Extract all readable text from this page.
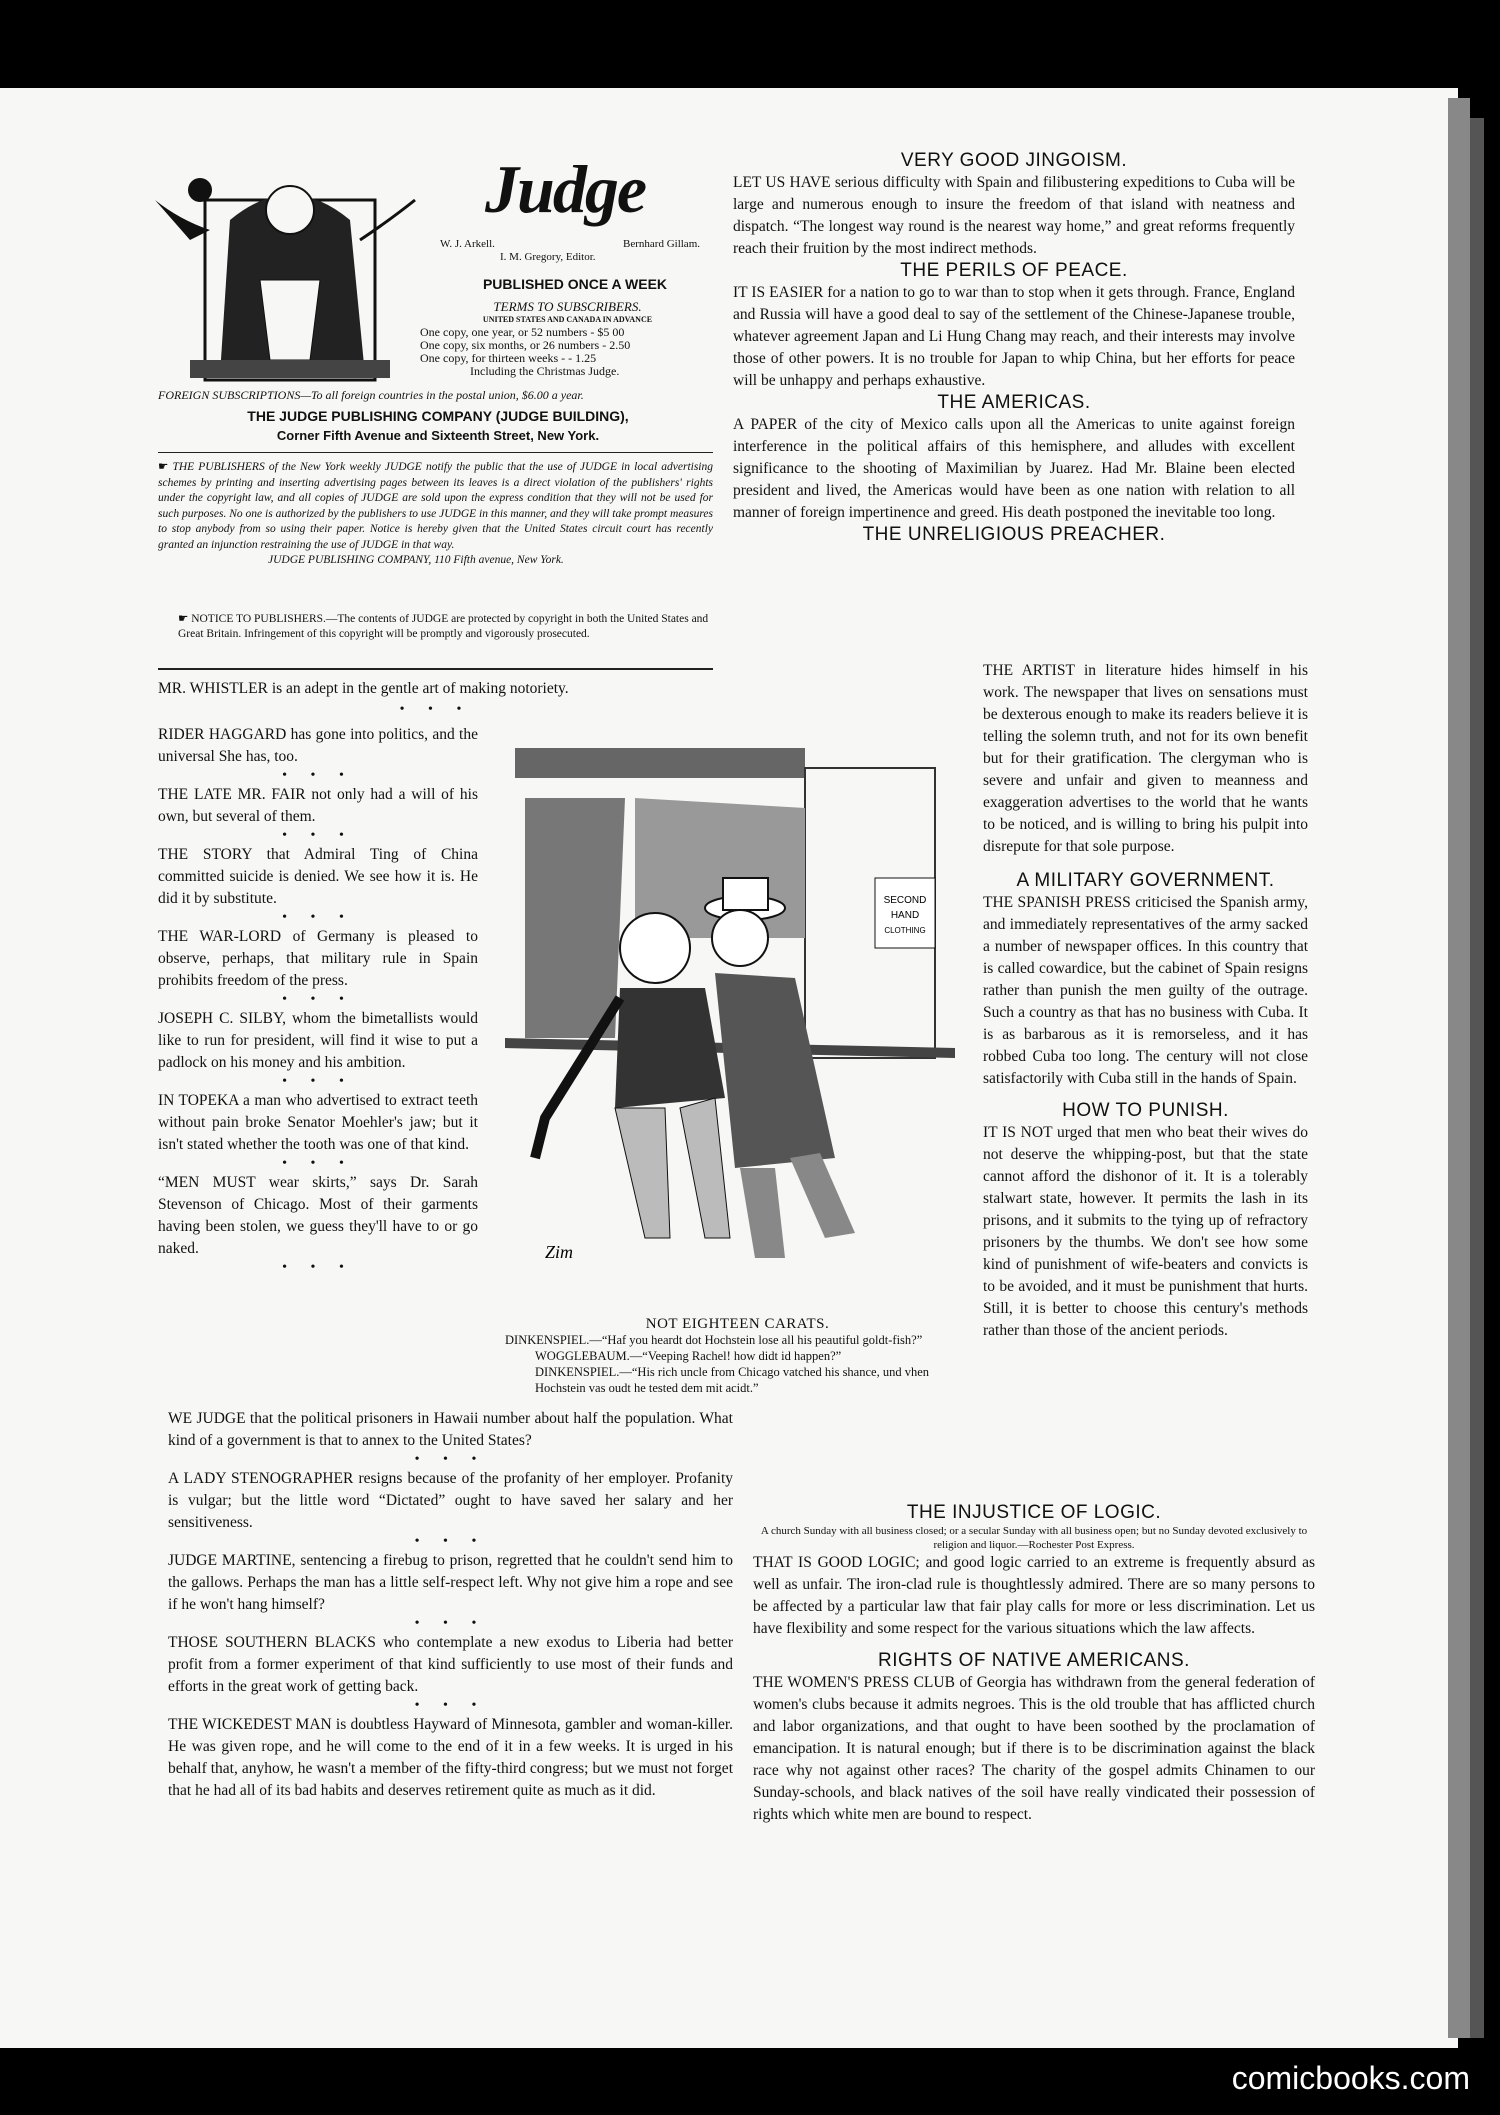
Judge
W. J. Arkell.	Bernhard Gillam.
I. M. Gregory, Editor.
PUBLISHED ONCE A WEEK
TERMS TO SUBSCRIBERS.
UNITED STATES AND CANADA IN ADVANCE
One copy, one year, or 52 numbers - $5 00
One copy, six months, or 26 numbers - 2.50
One copy, for thirteen weeks - - 1.25
Including the Christmas Judge.
FOREIGN SUBSCRIPTIONS—To all foreign countries in the postal union, $6.00 a year.
THE JUDGE PUBLISHING COMPANY (JUDGE BUILDING),
Corner Fifth Avenue and Sixteenth Street, New York.
☛ THE PUBLISHERS of the New York weekly JUDGE notify the public that the use of JUDGE in local advertising schemes by printing and inserting advertising pages between its leaves is a direct violation of the publishers' rights under the copyright law, and all copies of JUDGE are sold upon the express condition that they will not be used for such purposes. No one is authorized by the publishers to use JUDGE in this manner, and they will take prompt measures to stop anybody from so using their paper. Notice is hereby given that the United States circuit court has recently granted an injunction restraining the use of JUDGE in that way.
JUDGE PUBLISHING COMPANY, 110 Fifth avenue, New York.
☛ NOTICE TO PUBLISHERS.—The contents of JUDGE are protected by copyright in both the United States and Great Britain. Infringement of this copyright will be promptly and vigorously prosecuted.

MR. WHISTLER is an adept in the gentle art of making notoriety.

• • •

RIDER HAGGARD has gone into politics, and the universal She has, too.

• • •

THE LATE MR. FAIR not only had a will of his own, but several of them.

• • •

THE STORY that Admiral Ting of China committed suicide is denied. We see how it is. He did it by substitute.

• • •

THE WAR-LORD of Germany is pleased to observe, perhaps, that military rule in Spain prohibits freedom of the press.

• • •

JOSEPH C. SILBY, whom the bimetallists would like to run for president, will find it wise to put a padlock on his money and his ambition.

• • •

IN TOPEKA a man who advertised to extract teeth without pain broke Senator Moehler's jaw; but it isn't stated whether the tooth was one of that kind.

• • •

“MEN MUST wear skirts,” says Dr. Sarah Stevenson of Chicago. Most of their garments having been stolen, we guess they'll have to or go naked.

• • •
SECOND
HAND
CLOTHING
Zim
NOT EIGHTEEN CARATS.
DINKENSPIEL.—“Haf you heardt dot Hochstein lose all his peautiful goldt-fish?”
WOGGLEBAUM.—“Veeping Rachel! how didt id happen?”
DINKENSPIEL.—“His rich uncle from Chicago vatched his shance, und vhen Hochstein vas oudt he tested dem mit acidt.”

WE JUDGE that the political prisoners in Hawaii number about half the population. What kind of a government is that to annex to the United States?

• • •

A LADY STENOGRAPHER resigns because of the profanity of her employer. Profanity is vulgar; but the little word “Dictated” ought to have saved her salary and her sensitiveness.

• • •

JUDGE MARTINE, sentencing a firebug to prison, regretted that he couldn't send him to the gallows. Perhaps the man has a little self-respect left. Why not give him a rope and see if he won't hang himself?

• • •

THOSE SOUTHERN BLACKS who contemplate a new exodus to Liberia had better profit from a former experiment of that kind sufficiently to use most of their funds and efforts in the great work of getting back.

• • •

THE WICKEDEST MAN is doubtless Hayward of Minnesota, gambler and woman-killer. He was given rope, and he will come to the end of it in a few weeks. It is urged in his behalf that, anyhow, he wasn't a member of the fifty-third congress; but we must not forget that he had all of its bad habits and deserves retirement quite as much as it did.

VERY GOOD JINGOISM.

LET US HAVE serious difficulty with Spain and filibustering expeditions to Cuba will be large and numerous enough to insure the freedom of that island with neatness and dispatch. “The longest way round is the nearest way home,” and great reforms frequently reach their fruition by the most indirect methods.

THE PERILS OF PEACE.

IT IS EASIER for a nation to go to war than to stop when it gets through. France, England and Russia will have a good deal to say of the settlement of the Chinese-Japanese trouble, whatever agreement Japan and Li Hung Chang may reach, and their interests may involve those of other powers. It is no trouble for Japan to whip China, but her efforts for peace will be unhappy and perhaps exhaustive.

THE AMERICAS.

A PAPER of the city of Mexico calls upon all the Americas to unite against foreign interference in the political affairs of this hemisphere, and alludes with excellent significance to the shooting of Maximilian by Juarez. Had Mr. Blaine been elected president and lived, the Americas would have been as one nation with relation to all manner of foreign impertinence and greed. His death postponed the inevitable too long.

THE UNRELIGIOUS PREACHER.

THE ARTIST in literature hides himself in his work. The newspaper that lives on sensations must be dexterous enough to make its readers believe it is telling the solemn truth, and not for its own benefit but for their gratification. The clergyman who is severe and unfair and given to meanness and exaggeration advertises to the world that he wants to be noticed, and is willing to bring his pulpit into disrepute for that sole purpose.

A MILITARY GOVERNMENT.

THE SPANISH PRESS criticised the Spanish army, and immediately representatives of the army sacked a number of newspaper offices. In this country that is called cowardice, but the cabinet of Spain resigns rather than punish the men guilty of the outrage. Such a country as that has no business with Cuba. It is as barbarous as it is remorseless, and it has robbed Cuba too long. The century will not close satisfactorily with Cuba still in the hands of Spain.

HOW TO PUNISH.

IT IS NOT urged that men who beat their wives do not deserve the whipping-post, but that the state cannot afford the dishonor of it. It is a tolerably stalwart state, however. It permits the lash in its prisons, and it submits to the tying up of refractory prisoners by the thumbs. We don't see how some kind of punishment of wife-beaters and convicts is to be avoided, and it must be punishment that hurts. Still, it is better to choose this century's methods rather than those of the ancient periods.

THE INJUSTICE OF LOGIC.
A church Sunday with all business closed; or a secular Sunday with all business open; but no Sunday devoted exclusively to religion and liquor.—Rochester Post Express.

THAT IS GOOD LOGIC; and good logic carried to an extreme is frequently absurd as well as unfair. The iron-clad rule is thoughtlessly admired. There are so many persons to be affected by a particular law that fair play calls for more or less discrimination. Let us have flexibility and some respect for the various situations which the law affects.

RIGHTS OF NATIVE AMERICANS.

THE WOMEN'S PRESS CLUB of Georgia has withdrawn from the general federation of women's clubs because it admits negroes. This is the old trouble that has afflicted church and labor organizations, and that ought to have been soothed by the proclamation of emancipation. It is natural enough; but if there is to be discrimination against the black race why not against other races? The charity of the gospel admits Chinamen to our Sunday-schools, and black natives of the soil have really vindicated their possession of rights which white men are bound to respect.

comicbooks.com
